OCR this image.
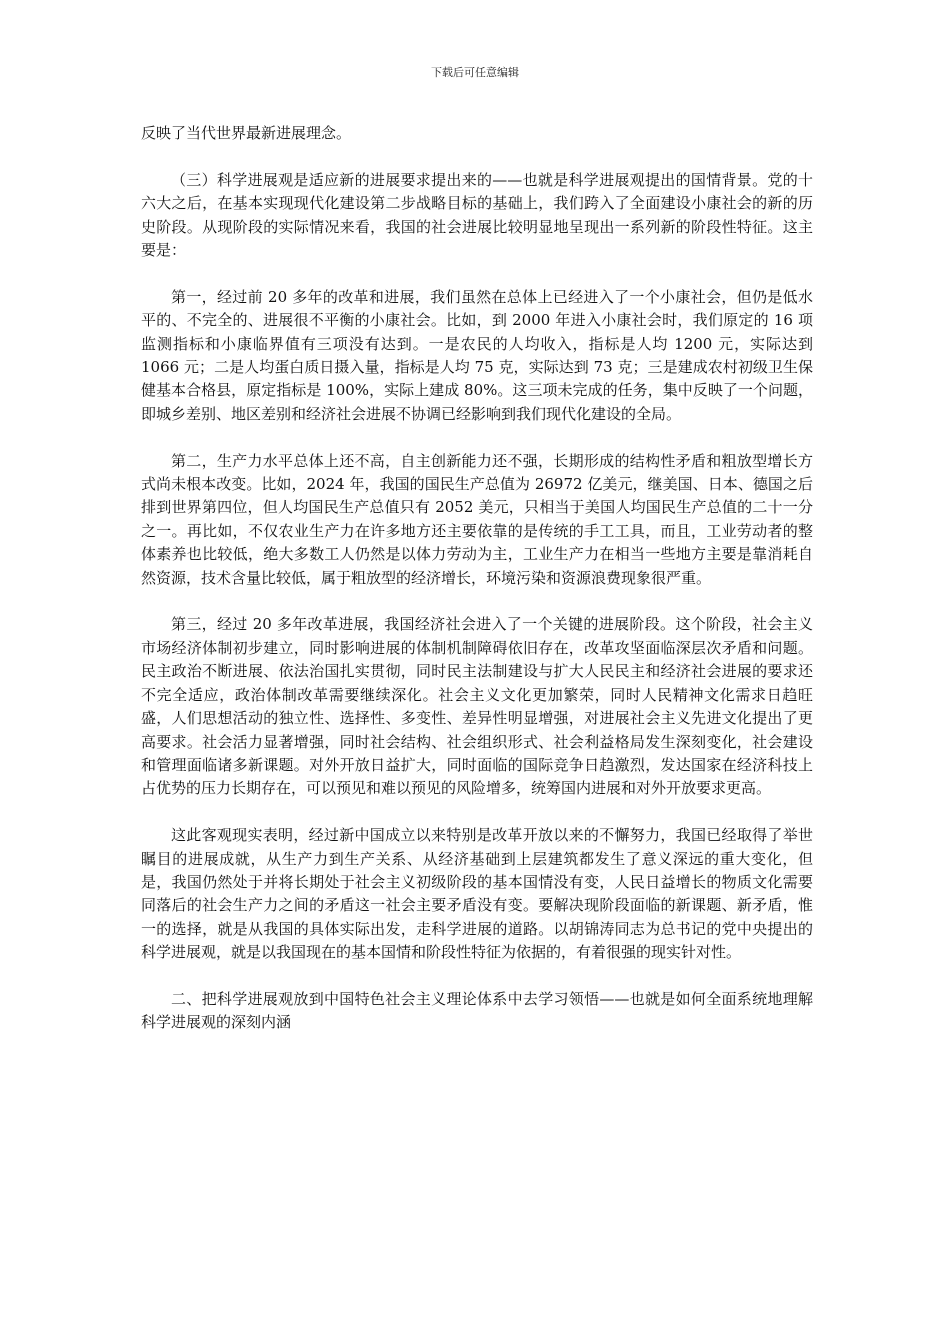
下载后可任意编辑

反映了当代世界最新进展理念。

（三）科学进展观是适应新的进展要求提出来的——也就是科学进展观提出的国情背景。党的十六大之后，在基本实现现代化建设第二步战略目标的基础上，我们跨入了全面建设小康社会的新的历史阶段。从现阶段的实际情况来看，我国的社会进展比较明显地呈现出一系列新的阶段性特征。这主要是：

第一，经过前 20 多年的改革和进展，我们虽然在总体上已经进入了一个小康社会，但仍是低水平的、不完全的、进展很不平衡的小康社会。比如，到 2000 年进入小康社会时，我们原定的 16 项监测指标和小康临界值有三项没有达到。一是农民的人均收入，指标是人均 1200 元，实际达到 1066 元；二是人均蛋白质日摄入量，指标是人均 75 克，实际达到 73 克；三是建成农村初级卫生保健基本合格县，原定指标是 100%，实际上建成 80%。这三项未完成的任务，集中反映了一个问题，即城乡差别、地区差别和经济社会进展不协调已经影响到我们现代化建设的全局。

第二，生产力水平总体上还不高，自主创新能力还不强，长期形成的结构性矛盾和粗放型增长方式尚未根本改变。比如，2024 年，我国的国民生产总值为 26972 亿美元，继美国、日本、德国之后排到世界第四位，但人均国民生产总值只有 2052 美元，只相当于美国人均国民生产总值的二十一分之一。再比如，不仅农业生产力在许多地方还主要依靠的是传统的手工工具，而且，工业劳动者的整体素养也比较低，绝大多数工人仍然是以体力劳动为主，工业生产力在相当一些地方主要是靠消耗自然资源，技术含量比较低，属于粗放型的经济增长，环境污染和资源浪费现象很严重。

第三，经过 20 多年改革进展，我国经济社会进入了一个关键的进展阶段。这个阶段，社会主义市场经济体制初步建立，同时影响进展的体制机制障碍依旧存在，改革攻坚面临深层次矛盾和问题。民主政治不断进展、依法治国扎实贯彻，同时民主法制建设与扩大人民民主和经济社会进展的要求还不完全适应，政治体制改革需要继续深化。社会主义文化更加繁荣，同时人民精神文化需求日趋旺盛，人们思想活动的独立性、选择性、多变性、差异性明显增强，对进展社会主义先进文化提出了更高要求。社会活力显著增强，同时社会结构、社会组织形式、社会利益格局发生深刻变化，社会建设和管理面临诸多新课题。对外开放日益扩大，同时面临的国际竞争日趋激烈，发达国家在经济科技上占优势的压力长期存在，可以预见和难以预见的风险增多，统筹国内进展和对外开放要求更高。

这此客观现实表明，经过新中国成立以来特别是改革开放以来的不懈努力，我国已经取得了举世瞩目的进展成就，从生产力到生产关系、从经济基础到上层建筑都发生了意义深远的重大变化，但是，我国仍然处于并将长期处于社会主义初级阶段的基本国情没有变，人民日益增长的物质文化需要同落后的社会生产力之间的矛盾这一社会主要矛盾没有变。要解决现阶段面临的新课题、新矛盾，惟一的选择，就是从我国的具体实际出发，走科学进展的道路。以胡锦涛同志为总书记的党中央提出的科学进展观，就是以我国现在的基本国情和阶段性特征为依据的，有着很强的现实针对性。

二、把科学进展观放到中国特色社会主义理论体系中去学习领悟——也就是如何全面系统地理解科学进展观的深刻内涵
